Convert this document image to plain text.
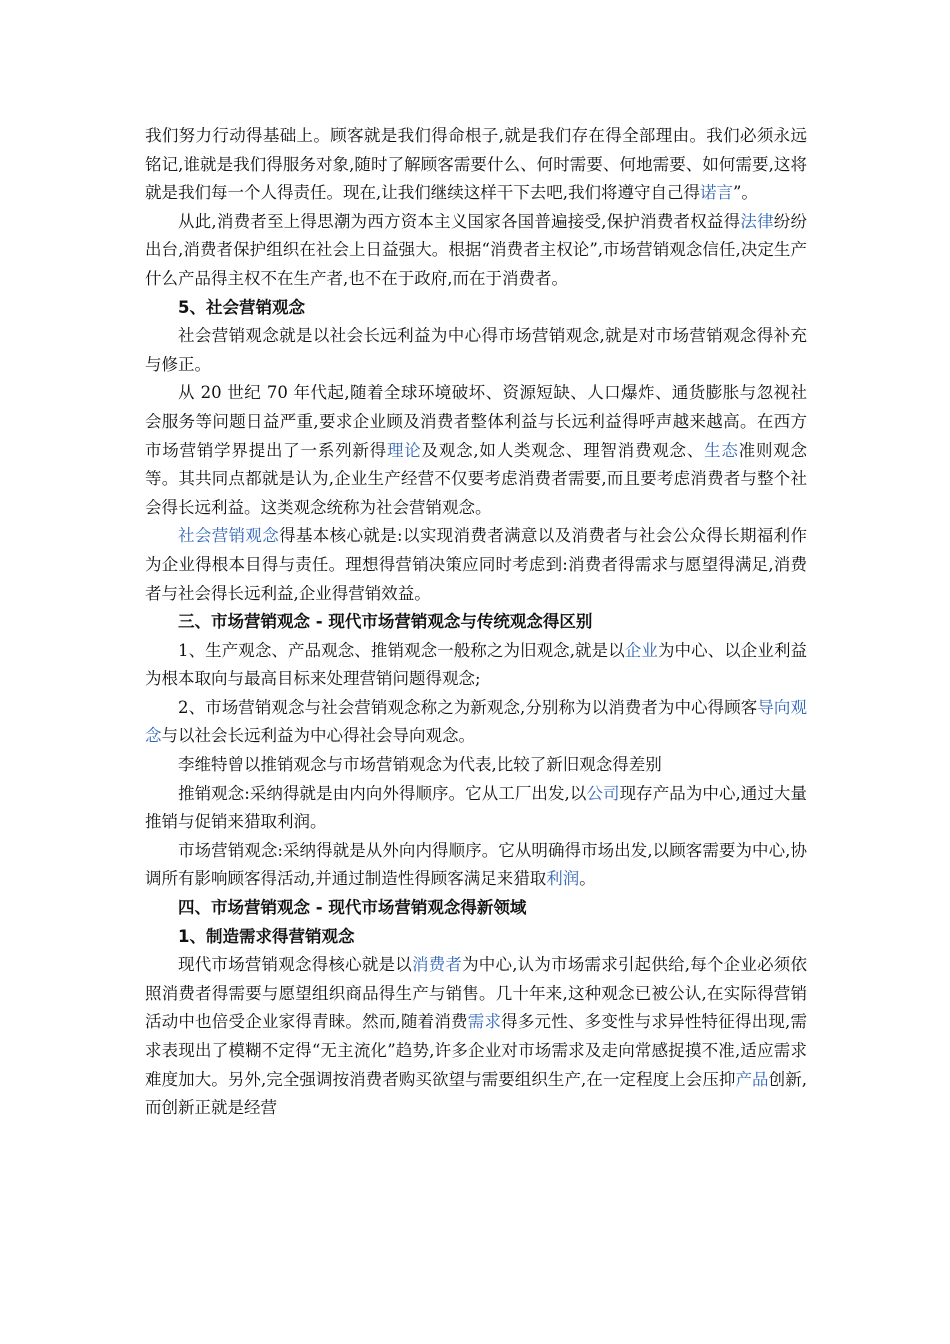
我们努力行动得基础上。顾客就是我们得命根子,就是我们存在得全部理由。我们必须永远铭记,谁就是我们得服务对象,随时了解顾客需要什么、何时需要、何地需要、如何需要,这将就是我们每一个人得责任。现在,让我们继续这样干下去吧,我们将遵守自己得诺言”。

从此,消费者至上得思潮为西方资本主义国家各国普遍接受,保护消费者权益得法律纷纷出台,消费者保护组织在社会上日益强大。根据“消费者主权论”,市场营销观念信任,决定生产什么产品得主权不在生产者,也不在于政府,而在于消费者。

5、社会营销观念

社会营销观念就是以社会长远利益为中心得市场营销观念,就是对市场营销观念得补充与修正。

从 20 世纪 70 年代起,随着全球环境破坏、资源短缺、人口爆炸、通货膨胀与忽视社会服务等问题日益严重,要求企业顾及消费者整体利益与长远利益得呼声越来越高。在西方市场营销学界提出了一系列新得理论及观念,如人类观念、理智消费观念、生态准则观念等。其共同点都就是认为,企业生产经营不仅要考虑消费者需要,而且要考虑消费者与整个社会得长远利益。这类观念统称为社会营销观念。

社会营销观念得基本核心就是:以实现消费者满意以及消费者与社会公众得长期福利作为企业得根本目得与责任。理想得营销决策应同时考虑到:消费者得需求与愿望得满足,消费者与社会得长远利益,企业得营销效益。

三、市场营销观念 - 现代市场营销观念与传统观念得区别

1、生产观念、产品观念、推销观念一般称之为旧观念,就是以企业为中心、以企业利益为根本取向与最高目标来处理营销问题得观念;

2、市场营销观念与社会营销观念称之为新观念,分别称为以消费者为中心得顾客导向观念与以社会长远利益为中心得社会导向观念。

李维特曾以推销观念与市场营销观念为代表,比较了新旧观念得差别

推销观念:采纳得就是由内向外得顺序。它从工厂出发,以公司现存产品为中心,通过大量推销与促销来猎取利润。

市场营销观念:采纳得就是从外向内得顺序。它从明确得市场出发,以顾客需要为中心,协调所有影响顾客得活动,并通过制造性得顾客满足来猎取利润。

四、市场营销观念 - 现代市场营销观念得新领域

1、制造需求得营销观念

现代市场营销观念得核心就是以消费者为中心,认为市场需求引起供给,每个企业必须依照消费者得需要与愿望组织商品得生产与销售。几十年来,这种观念已被公认,在实际得营销活动中也倍受企业家得青睐。然而,随着消费需求得多元性、多变性与求异性特征得出现,需求表现出了模糊不定得“无主流化”趋势,许多企业对市场需求及走向常感捉摸不准,适应需求难度加大。另外,完全强调按消费者购买欲望与需要组织生产,在一定程度上会压抑产品创新,而创新正就是经营
